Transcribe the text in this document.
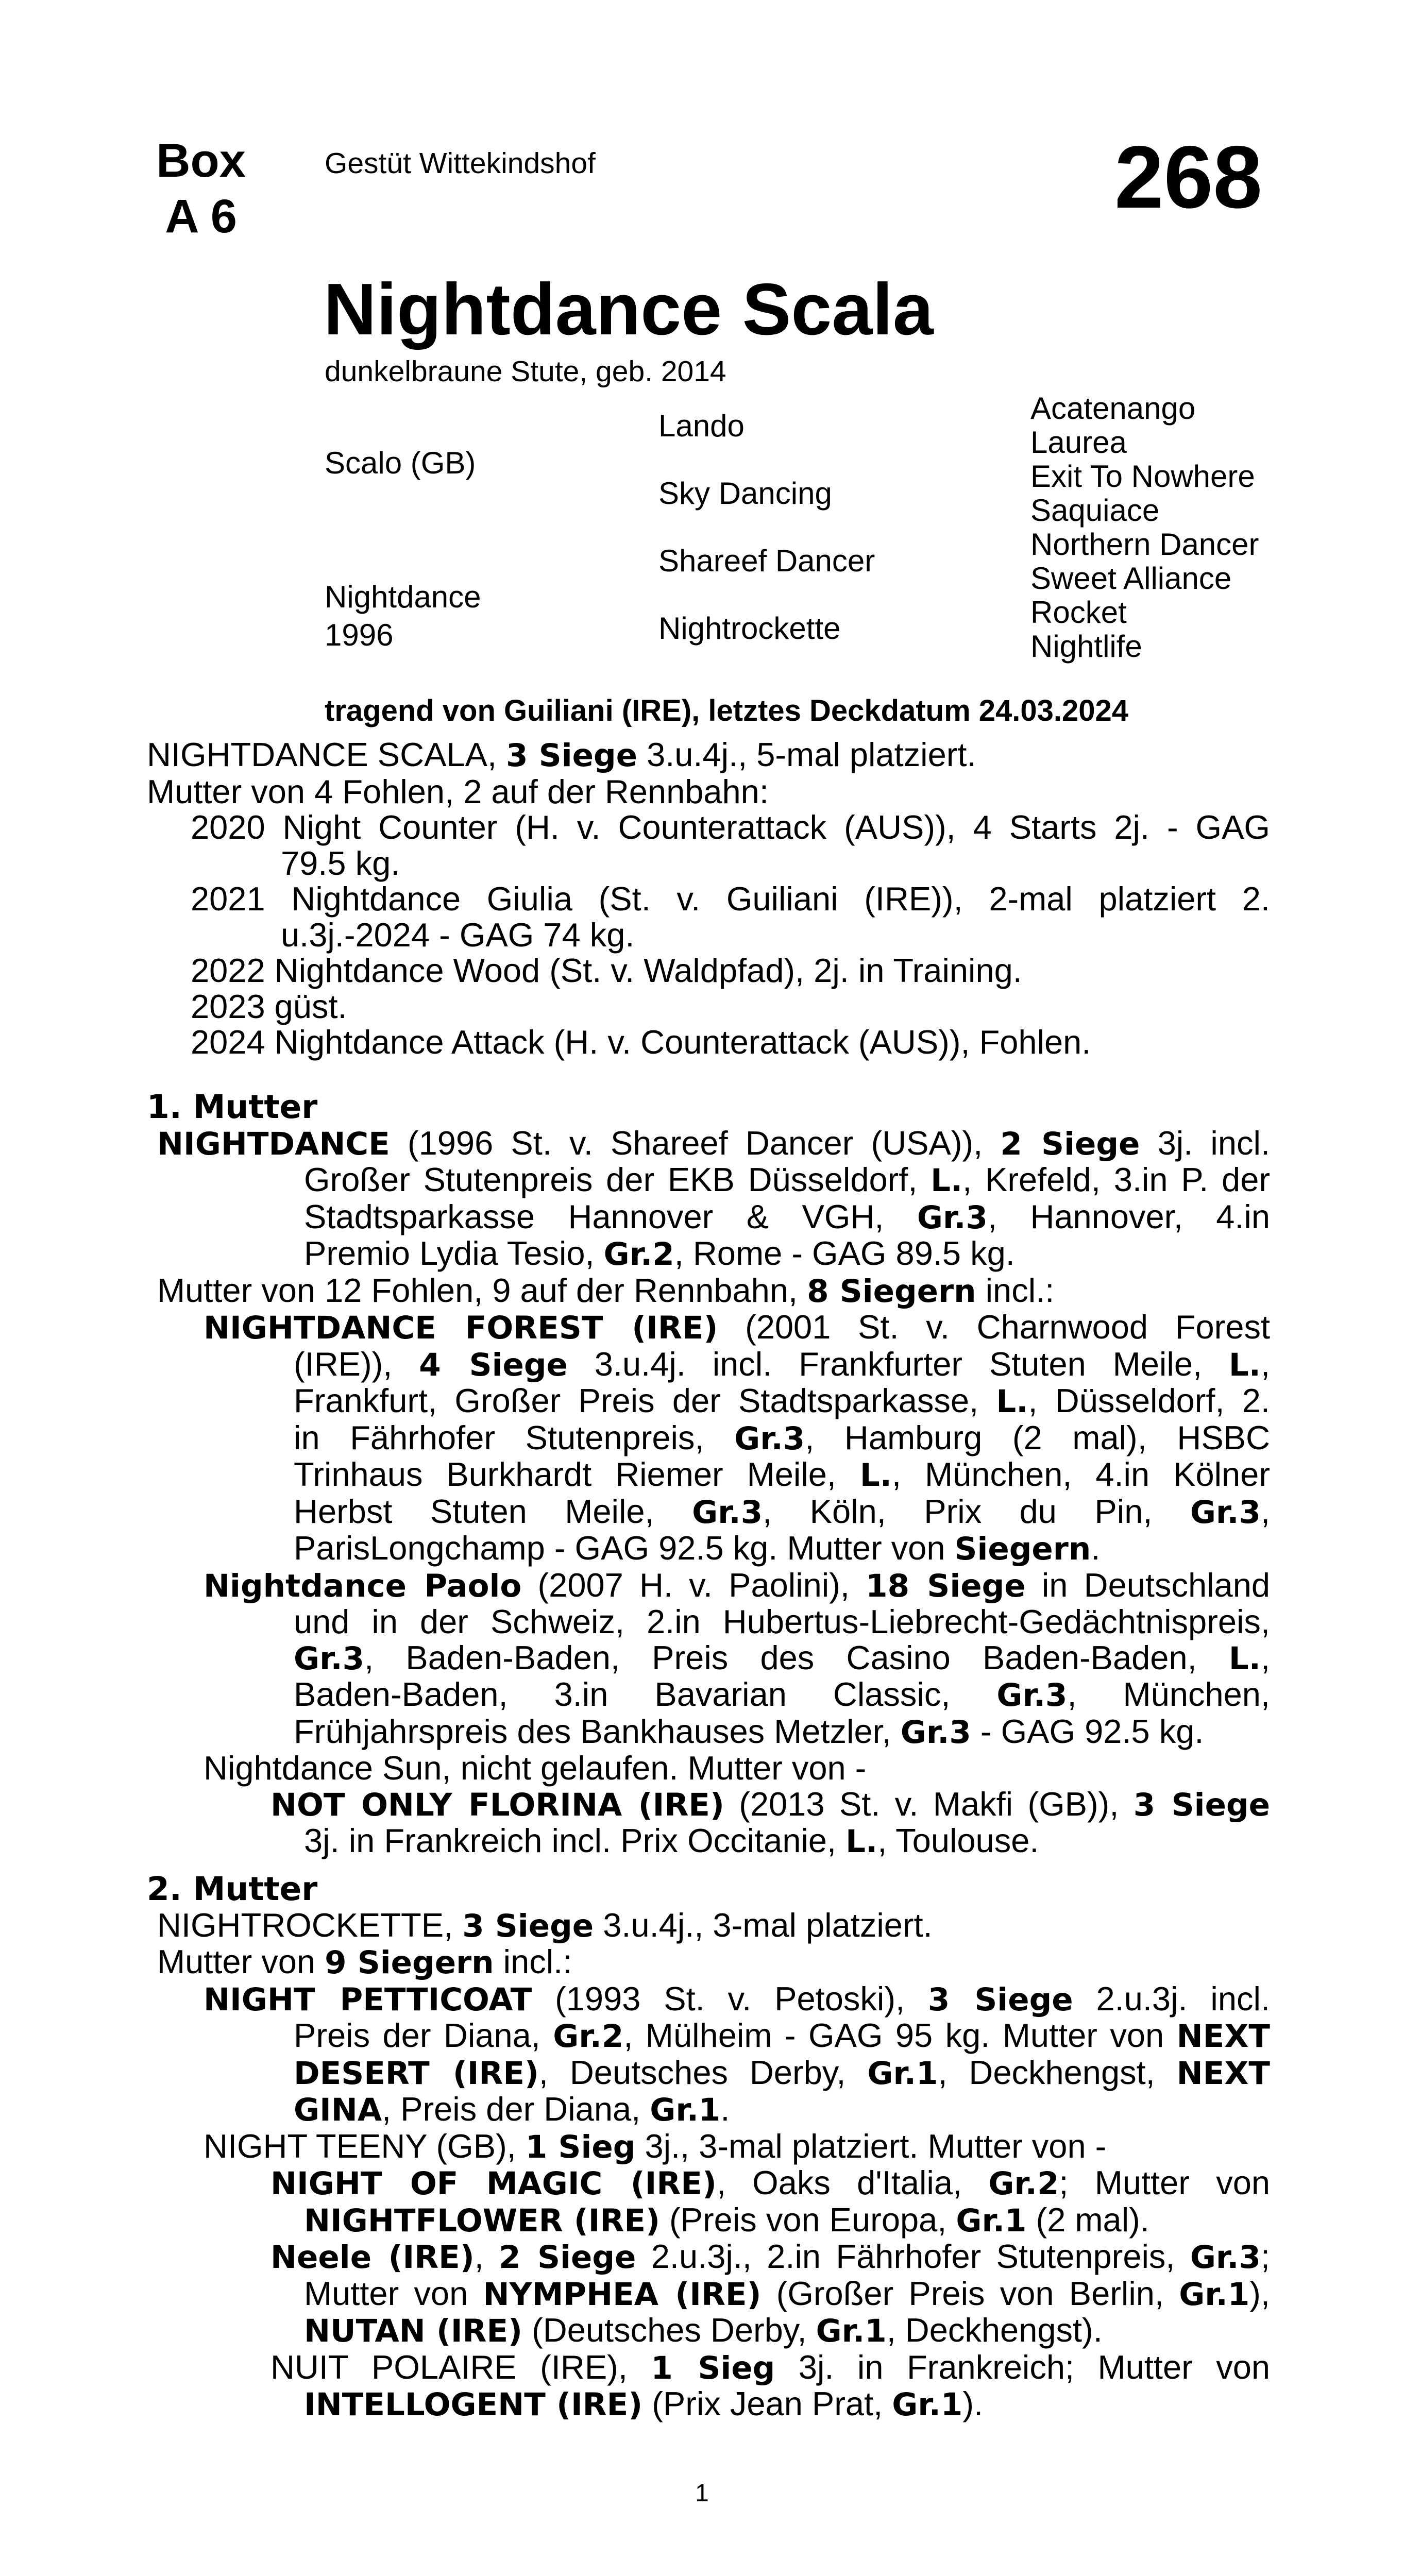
Box
A 6
Gestüt Wittekindshof	268
Nightdance Scala
dunkelbraune Stute, geb. 2014
Scalo (GB)
Nightdance
1996
Lando
Sky Dancing
Shareef Dancer
Nightrockette
Acatenango
Laurea
Exit To Nowhere
Saquiace
Northern Dancer
Sweet Alliance
Rocket
Nightlife
tragend von Guiliani (IRE), letztes Deckdatum 24.03.2024
NIGHTDANCE SCALA, 3 Siege 3.u.4j., 5-mal platziert.
Mutter von 4 Fohlen, 2 auf der Rennbahn:
2020 Night Counter (H. v. Counterattack (AUS)), 4 Starts 2j. - GAG
79.5 kg.
2021 Nightdance Giulia (St. v. Guiliani (IRE)), 2-mal platziert 2.
u.3j.-2024 - GAG 74 kg.
2022 Nightdance Wood (St. v. Waldpfad), 2j. in Training.
2023 güst.
2024 Nightdance Attack (H. v. Counterattack (AUS)), Fohlen.
1. Mutter
NIGHTDANCE (1996 St. v. Shareef Dancer (USA)), 2 Siege 3j. incl.
Großer Stutenpreis der EKB Düsseldorf, L., Krefeld, 3.in P. der
Stadtsparkasse Hannover & VGH, Gr.3, Hannover, 4.in
Premio Lydia Tesio, Gr.2, Rome - GAG 89.5 kg.
Mutter von 12 Fohlen, 9 auf der Rennbahn, 8 Siegern incl.:
NIGHTDANCE FOREST (IRE) (2001 St. v. Charnwood Forest
(IRE)), 4 Siege 3.u.4j. incl. Frankfurter Stuten Meile, L.,
Frankfurt, Großer Preis der Stadtsparkasse, L., Düsseldorf, 2.
in Fährhofer Stutenpreis, Gr.3, Hamburg (2 mal), HSBC
Trinhaus Burkhardt Riemer Meile, L., München, 4.in Kölner
Herbst Stuten Meile, Gr.3, Köln, Prix du Pin, Gr.3,
ParisLongchamp - GAG 92.5 kg. Mutter von Siegern.
Nightdance Paolo (2007 H. v. Paolini), 18 Siege in Deutschland
und in der Schweiz, 2.in Hubertus-Liebrecht-Gedächtnispreis,
Gr.3, Baden-Baden, Preis des Casino Baden-Baden, L.,
Baden-Baden, 3.in Bavarian Classic, Gr.3, München,
Frühjahrspreis des Bankhauses Metzler, Gr.3 - GAG 92.5 kg.
Nightdance Sun, nicht gelaufen. Mutter von -
NOT ONLY FLORINA (IRE) (2013 St. v. Makfi (GB)), 3 Siege
3j. in Frankreich incl. Prix Occitanie, L., Toulouse.
2. Mutter
NIGHTROCKETTE, 3 Siege 3.u.4j., 3-mal platziert.
Mutter von 9 Siegern incl.:
NIGHT PETTICOAT (1993 St. v. Petoski), 3 Siege 2.u.3j. incl.
Preis der Diana, Gr.2, Mülheim - GAG 95 kg. Mutter von NEXT
DESERT (IRE), Deutsches Derby, Gr.1, Deckhengst, NEXT
GINA, Preis der Diana, Gr.1.
NIGHT TEENY (GB), 1 Sieg 3j., 3-mal platziert. Mutter von -
NIGHT OF MAGIC (IRE), Oaks d'Italia, Gr.2; Mutter von
NIGHTFLOWER (IRE) (Preis von Europa, Gr.1 (2 mal).
Neele (IRE), 2 Siege 2.u.3j., 2.in Fährhofer Stutenpreis, Gr.3;
Mutter von NYMPHEA (IRE) (Großer Preis von Berlin, Gr.1),
NUTAN (IRE) (Deutsches Derby, Gr.1, Deckhengst).
NUIT POLAIRE (IRE), 1 Sieg 3j. in Frankreich; Mutter von
INTELLOGENT (IRE) (Prix Jean Prat, Gr.1).
1
